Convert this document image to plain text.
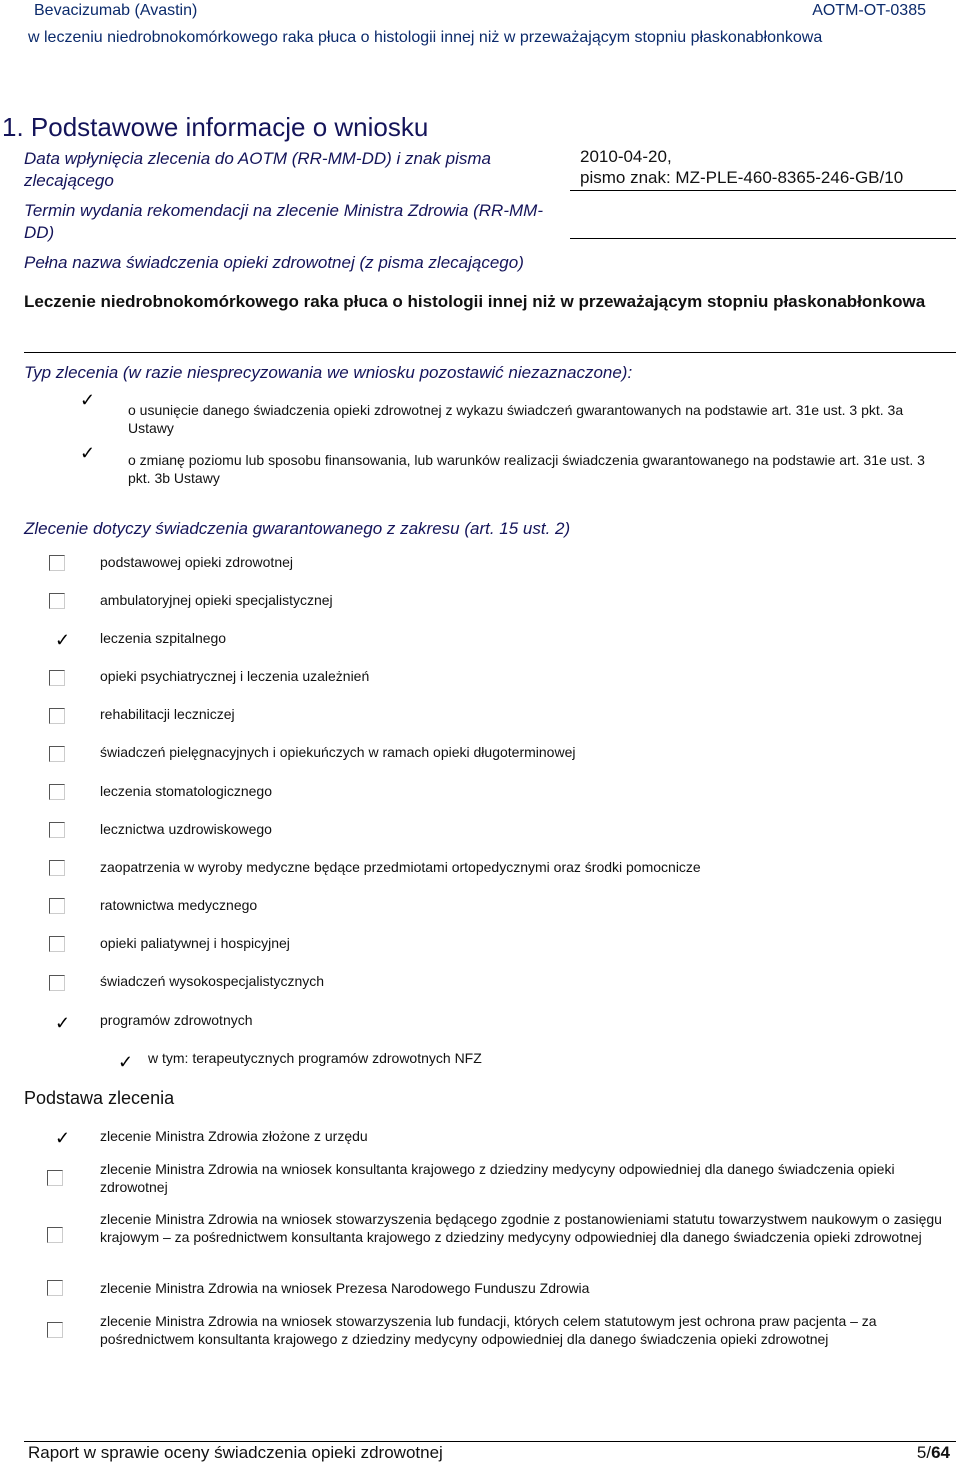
Bevacizumab (Avastin)	AOTM-OT-0385
w leczeniu niedrobnokomórkowego raka płuca o histologii innej niż w przeważającym stopniu płaskonabłonkowa
1. Podstawowe informacje o wniosku
Data wpłynięcia zlecenia do AOTM (RR-MM-DD) i znak pisma zlecającego
2010-04-20,
pismo znak: MZ-PLE-460-8365-246-GB/10
Termin wydania rekomendacji na zlecenie Ministra Zdrowia (RR-MM-DD)
Pełna nazwa świadczenia opieki zdrowotnej (z pisma zlecającego)
Leczenie niedrobnokomórkowego raka płuca o histologii innej niż w przeważającym stopniu płaskonabłonkowa
Typ zlecenia (w razie niesprecyzowania we wniosku pozostawić niezaznaczone):
✓ o usunięcie danego świadczenia opieki zdrowotnej z wykazu świadczeń gwarantowanych na podstawie art. 31e ust. 3 pkt. 3a Ustawy
✓ o zmianę poziomu lub sposobu finansowania, lub warunków realizacji świadczenia gwarantowanego na podstawie art. 31e ust. 3 pkt. 3b Ustawy
Zlecenie dotyczy świadczenia gwarantowanego z zakresu (art. 15 ust. 2)
podstawowej opieki zdrowotnej
ambulatoryjnej opieki specjalistycznej
✓ leczenia szpitalnego
opieki psychiatrycznej i leczenia uzależnień
rehabilitacji leczniczej
świadczeń pielęgnacyjnych i opiekuńczych w ramach opieki długoterminowej
leczenia stomatologicznego
lecznictwa uzdrowiskowego
zaopatrzenia w wyroby medyczne będące przedmiotami ortopedycznymi oraz środki pomocnicze
ratownictwa medycznego
opieki paliatywnej i hospicyjnej
świadczeń wysokospecjalistycznych
✓ programów zdrowotnych
✓ w tym: terapeutycznych programów zdrowotnych NFZ
Podstawa zlecenia
✓ zlecenie Ministra Zdrowia złożone z urzędu
zlecenie Ministra Zdrowia na wniosek konsultanta krajowego z dziedziny medycyny odpowiedniej dla danego świadczenia opieki zdrowotnej
zlecenie Ministra Zdrowia na wniosek stowarzyszenia będącego zgodnie z postanowieniami statutu towarzystwem naukowym o zasięgu krajowym – za pośrednictwem konsultanta krajowego z dziedziny medycyny odpowiedniej dla danego świadczenia opieki zdrowotnej
zlecenie Ministra Zdrowia na wniosek Prezesa Narodowego Funduszu Zdrowia
zlecenie Ministra Zdrowia na wniosek stowarzyszenia lub fundacji, których celem statutowym jest ochrona praw pacjenta – za pośrednictwem konsultanta krajowego z dziedziny medycyny odpowiedniej dla danego świadczenia opieki zdrowotnej
Raport w sprawie oceny świadczenia opieki zdrowotnej	5/64
